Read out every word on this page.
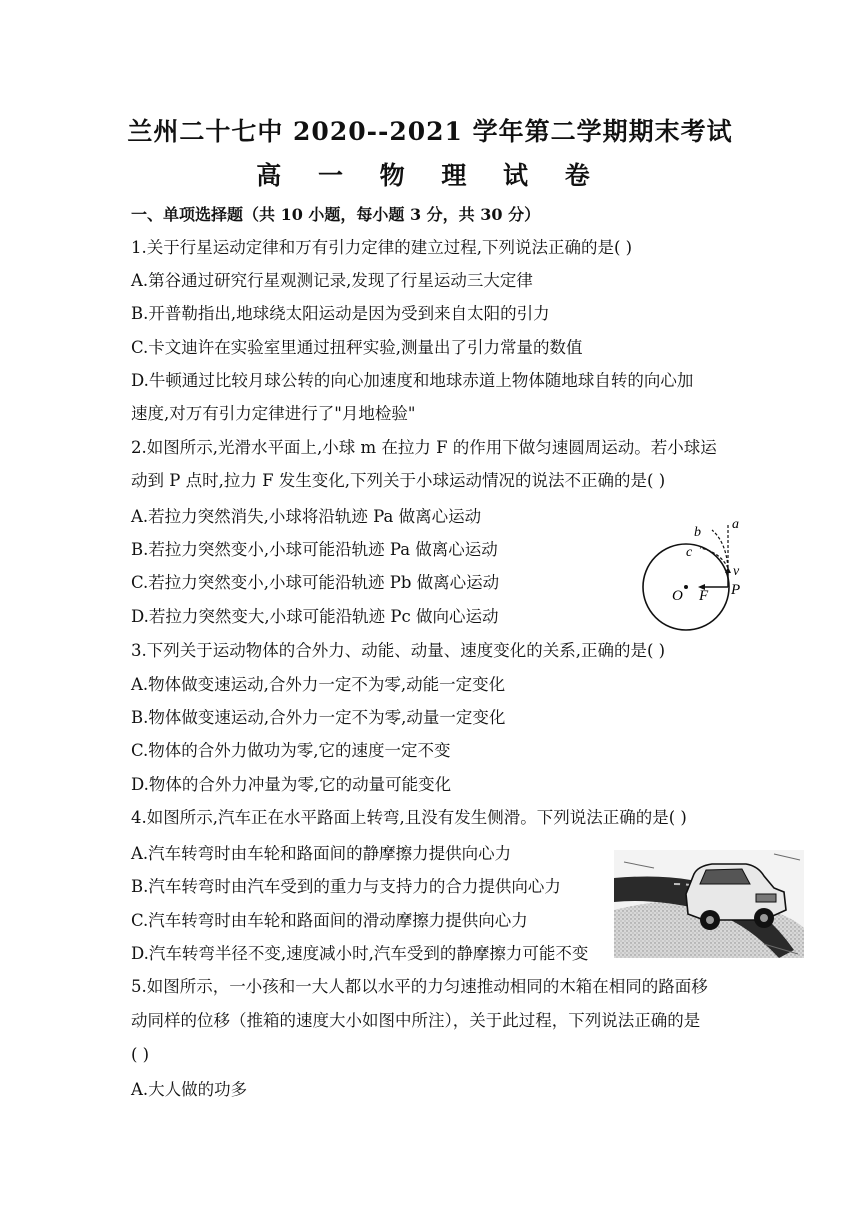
兰州二十七中 2020--2021 学年第二学期期末考试
高 一 物 理 试 卷
一、单项选择题（共 10 小题，每小题 3 分，共 30 分）
1.关于行星运动定律和万有引力定律的建立过程,下列说法正确的是( )
A.第谷通过研究行星观测记录,发现了行星运动三大定律
B.开普勒指出,地球绕太阳运动是因为受到来自太阳的引力
C.卡文迪许在实验室里通过扭秤实验,测量出了引力常量的数值
D.牛顿通过比较月球公转的向心加速度和地球赤道上物体随地球自转的向心加
速度,对万有引力定律进行了"月地检验"
2.如图所示,光滑水平面上,小球 m 在拉力 F 的作用下做匀速圆周运动。若小球运
动到 P 点时,拉力 F 发生变化,下列关于小球运动情况的说法不正确的是( )
A.若拉力突然消失,小球将沿轨迹 Pa 做离心运动
B.若拉力突然变小,小球可能沿轨迹 Pa 做离心运动
C.若拉力突然变小,小球可能沿轨迹 Pb 做离心运动
D.若拉力突然变大,小球可能沿轨迹 Pc 做向心运动
O F P
v
a
b
c
3.下列关于运动物体的合外力、动能、动量、速度变化的关系,正确的是( )
A.物体做变速运动,合外力一定不为零,动能一定变化
B.物体做变速运动,合外力一定不为零,动量一定变化
C.物体的合外力做功为零,它的速度一定不变
D.物体的合外力冲量为零,它的动量可能变化
4.如图所示,汽车正在水平路面上转弯,且没有发生侧滑。下列说法正确的是( )
A.汽车转弯时由车轮和路面间的静摩擦力提供向心力
B.汽车转弯时由汽车受到的重力与支持力的合力提供向心力
C.汽车转弯时由车轮和路面间的滑动摩擦力提供向心力
D.汽车转弯半径不变,速度减小时,汽车受到的静摩擦力可能不变
5.如图所示，一小孩和一大人都以水平的力匀速推动相同的木箱在相同的路面移
动同样的位移（推箱的速度大小如图中所注），关于此过程，下列说法正确的是
( )
A.大人做的功多
